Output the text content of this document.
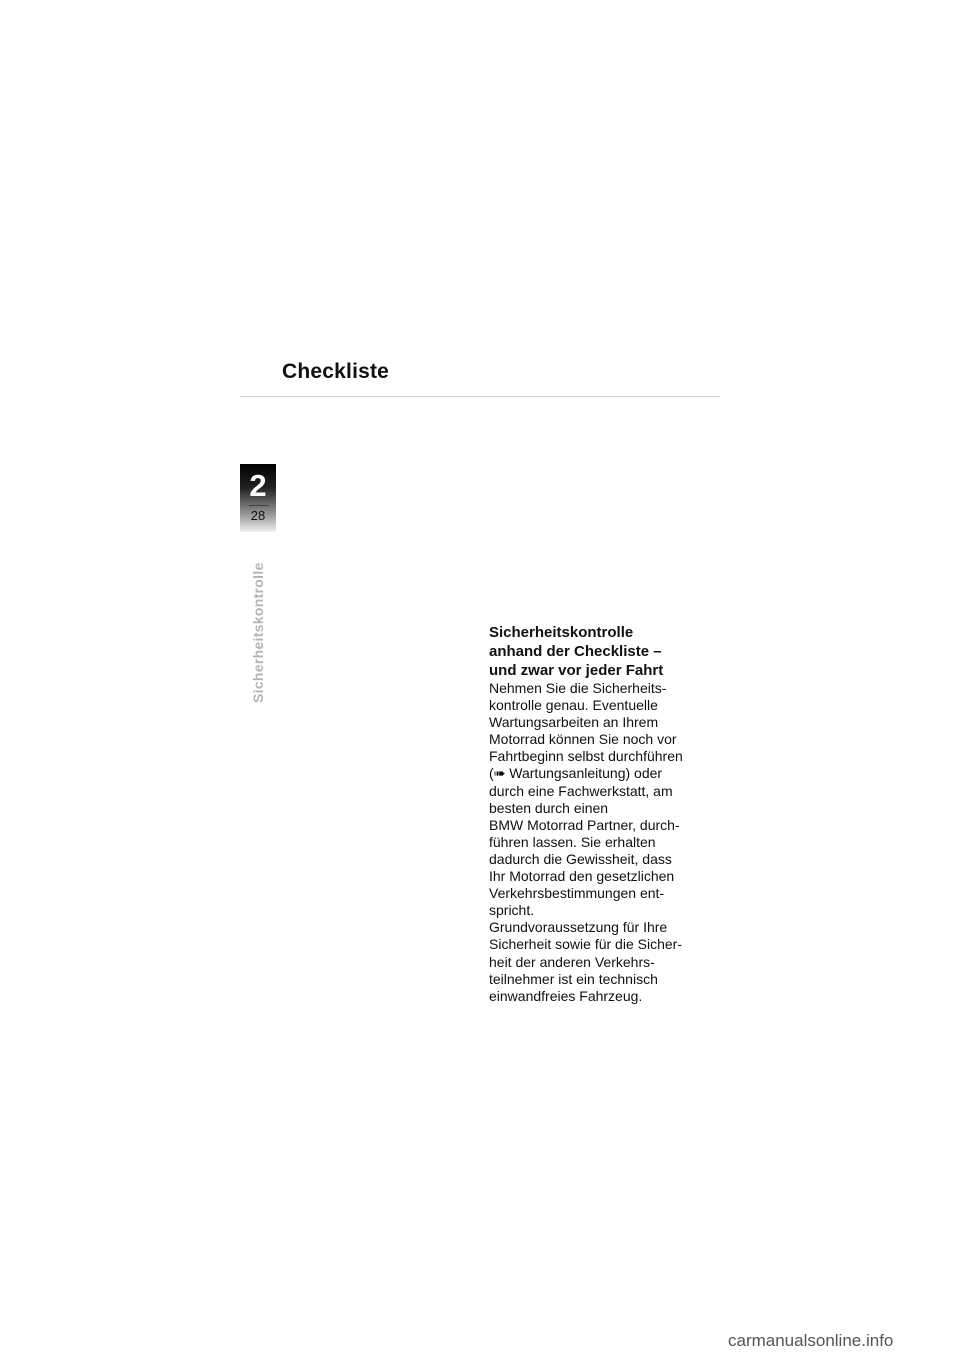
Checkliste
2
28
Sicherheitskontrolle	Sicherheitskontrolle

anhand der Checkliste –

und zwar vor jeder Fahrt

Nehmen Sie die Sicherheits-

kontrolle genau. Eventuelle

Wartungsarbeiten an Ihrem

Motorrad können Sie noch vor

Fahrtbeginn selbst durchführen

(➠ Wartungsanleitung) oder

durch eine Fachwerkstatt, am

besten durch einen

BMW Motorrad Partner, durch-

führen lassen. Sie erhalten

dadurch die Gewissheit, dass

Ihr Motorrad den gesetzlichen

Verkehrsbestimmungen ent-

spricht.

Grundvoraussetzung für Ihre

Sicherheit sowie für die Sicher-

heit der anderen Verkehrs-

teilnehmer ist ein technisch

einwandfreies Fahrzeug.

carmanualsonline.info
